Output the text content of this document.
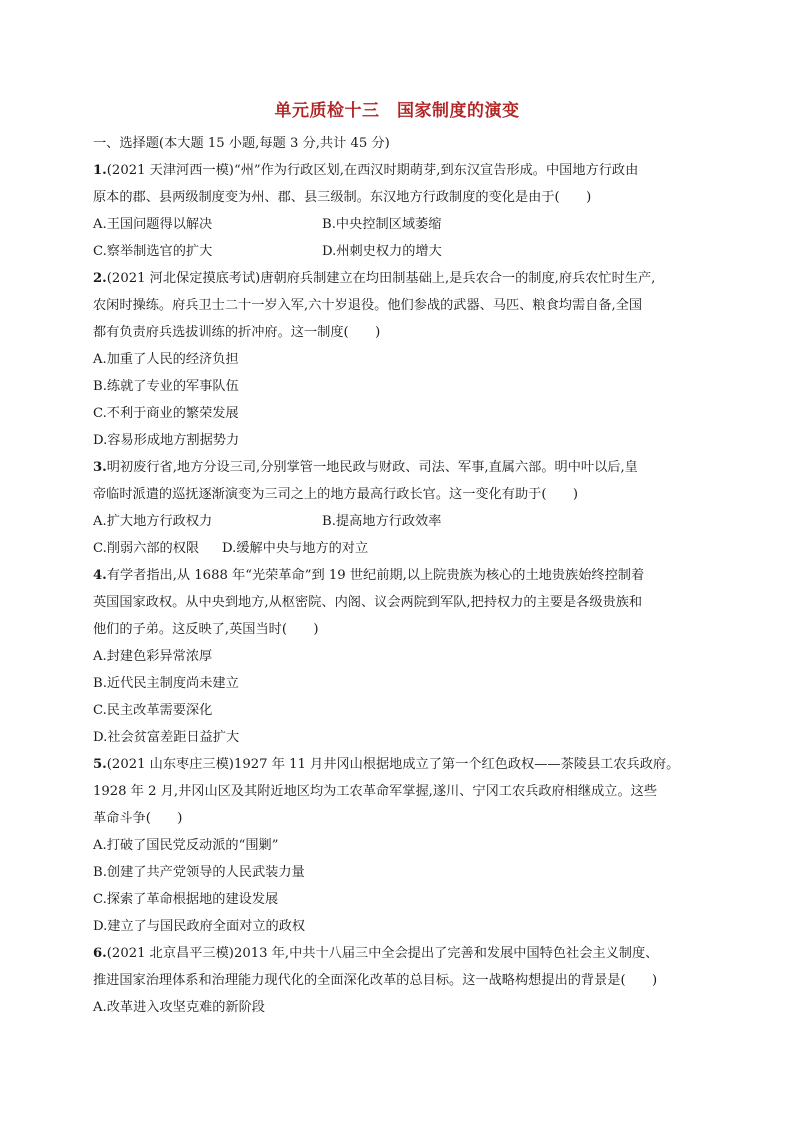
单元质检十三　国家制度的演变
一、选择题(本大题 15 小题,每题 3 分,共计 45 分)
1.(2021 天津河西一模)“州”作为行政区划,在西汉时期萌芽,到东汉宣告形成。中国地方行政由
原本的郡、县两级制度变为州、郡、县三级制。东汉地方行政制度的变化是由于(　　)
A.王国问题得以解决	B.中央控制区域萎缩
C.察举制选官的扩大	D.州刺史权力的增大
2.(2021 河北保定摸底考试)唐朝府兵制建立在均田制基础上,是兵农合一的制度,府兵农忙时生产,
农闲时操练。府兵卫士二十一岁入军,六十岁退役。他们参战的武器、马匹、粮食均需自备,全国
都有负责府兵选拔训练的折冲府。这一制度(　　)
A.加重了人民的经济负担
B.练就了专业的军事队伍
C.不利于商业的繁荣发展
D.容易形成地方割据势力
3.明初废行省,地方分设三司,分别掌管一地民政与财政、司法、军事,直属六部。明中叶以后,皇
帝临时派遣的巡抚逐渐演变为三司之上的地方最高行政长官。这一变化有助于(　　)
A.扩大地方行政权力	B.提高地方行政效率
C.削弱六部的权限 D.缓解中央与地方的对立
4.有学者指出,从 1688 年“光荣革命”到 19 世纪前期,以上院贵族为核心的土地贵族始终控制着
英国国家政权。从中央到地方,从枢密院、内阁、议会两院到军队,把持权力的主要是各级贵族和
他们的子弟。这反映了,英国当时(　　)
A.封建色彩异常浓厚
B.近代民主制度尚未建立
C.民主改革需要深化
D.社会贫富差距日益扩大
5.(2021 山东枣庄三模)1927 年 11 月井冈山根据地成立了第一个红色政权——茶陵县工农兵政府。
1928 年 2 月,井冈山区及其附近地区均为工农革命军掌握,遂川、宁冈工农兵政府相继成立。这些
革命斗争(　　)
A.打破了国民党反动派的“围剿”
B.创建了共产党领导的人民武装力量
C.探索了革命根据地的建设发展
D.建立了与国民政府全面对立的政权
6.(2021 北京昌平三模)2013 年,中共十八届三中全会提出了完善和发展中国特色社会主义制度、
推进国家治理体系和治理能力现代化的全面深化改革的总目标。这一战略构想提出的背景是(　　)
A.改革进入攻坚克难的新阶段
